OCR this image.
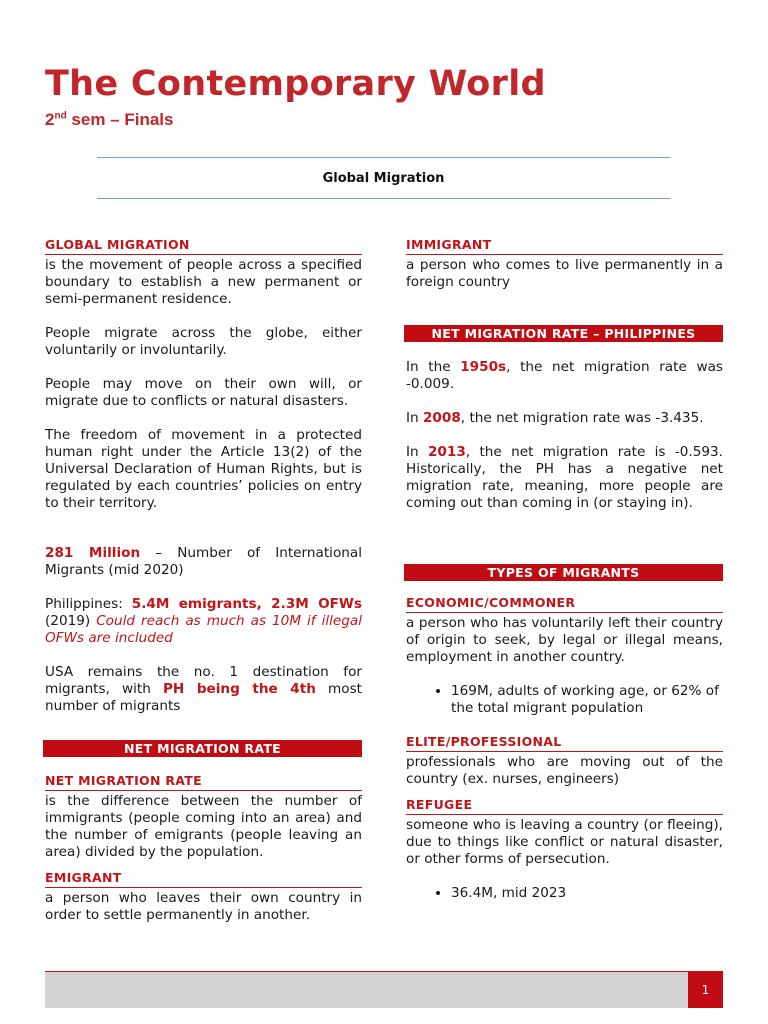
The Contemporary World
2nd sem – Finals
Global Migration
GLOBAL MIGRATION

is the movement of people across a specified boundary to establish a new permanent or semi-permanent residence.

People migrate across the globe, either voluntarily or involuntarily.

People may move on their own will, or migrate due to conflicts or natural disasters.

The freedom of movement in a protected human right under the Article 13(2) of the Universal Declaration of Human Rights, but is regulated by each countries’ policies on entry to their territory.

281 Million – Number of International Migrants (mid 2020)

Philippines: 5.4M emigrants, 2.3M OFWs (2019) Could reach as much as 10M if illegal OFWs are included

USA remains the no. 1 destination for migrants, with PH being the 4th most number of migrants

NET MIGRATION RATE
NET MIGRATION RATE

is the difference between the number of immigrants (people coming into an area) and the number of emigrants (people leaving an area) divided by the population.

EMIGRANT

a person who leaves their own country in order to settle permanently in another.

IMMIGRANT

a person who comes to live permanently in a foreign country

NET MIGRATION RATE – PHILIPPINES

In the 1950s, the net migration rate was -0.009.

In 2008, the net migration rate was -3.435.

In 2013, the net migration rate is -0.593. Historically, the PH has a negative net migration rate, meaning, more people are coming out than coming in (or staying in).

TYPES OF MIGRANTS
ECONOMIC/COMMONER

a person who has voluntarily left their country of origin to seek, by legal or illegal means, employment in another country.

• 169M, adults of working age, or 62% of the total migrant population
ELITE/PROFESSIONAL

professionals who are moving out of the country (ex. nurses, engineers)

REFUGEE

someone who is leaving a country (or fleeing), due to things like conflict or natural disaster, or other forms of persecution.

• 36.4M, mid 2023
1
